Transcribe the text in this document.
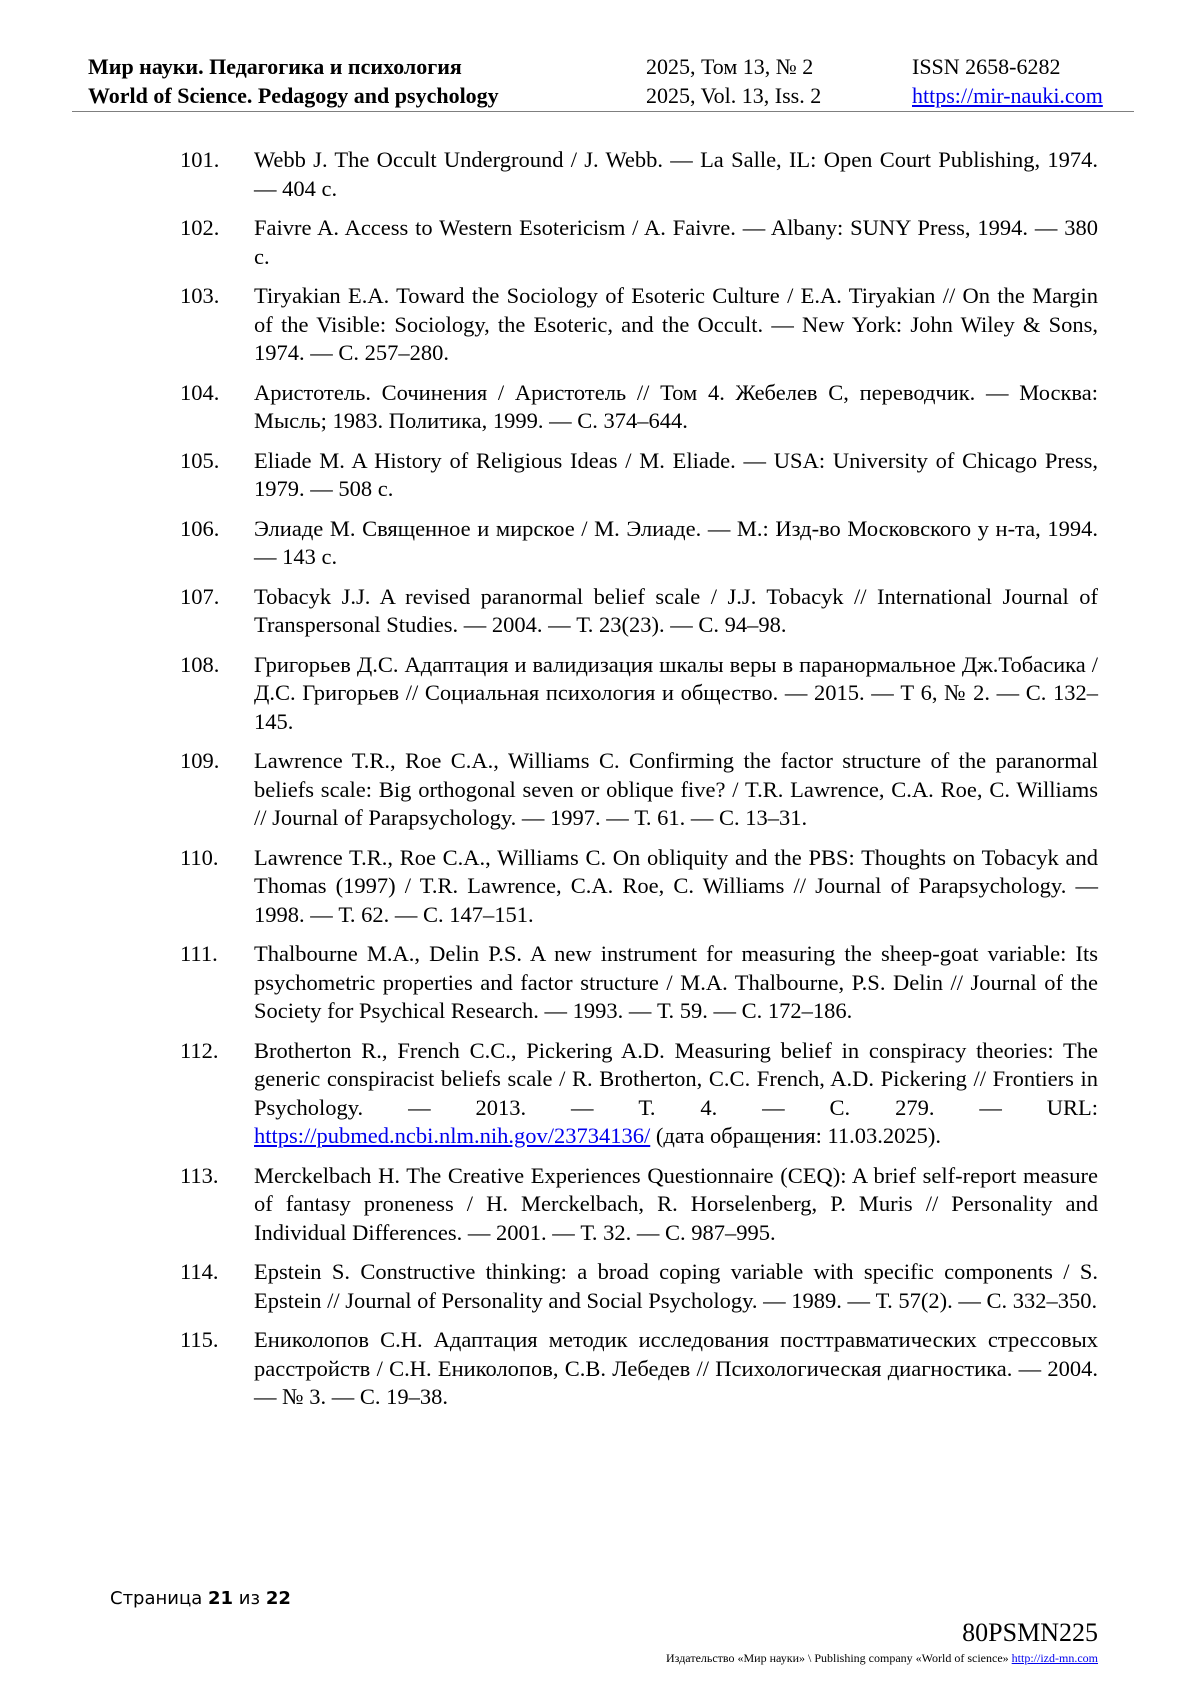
Мир науки. Педагогика и психология
World of Science. Pedagogy and psychology
2025, Том 13, № 2
2025, Vol. 13, Iss. 2
ISSN 2658-6282
https://mir-nauki.com
101.	Webb J. The Occult Underground / J. Webb. — La Salle, IL: Open Court Publishing, 1974. — 404 с.
102.	Faivre A. Access to Western Esotericism / A. Faivre. — Albany: SUNY Press, 1994. — 380 с.
103.	Tiryakian E.A. Toward the Sociology of Esoteric Culture / E.A. Tiryakian // On the Margin of the Visible: Sociology, the Esoteric, and the Occult. — New York: John Wiley & Sons, 1974. — С. 257–280.
104.	Аристотель. Сочинения / Аристотель // Том 4. Жебелев С, переводчик. — Москва: Мысль; 1983. Политика, 1999. — С. 374–644.
105.	Eliade M. A History of Religious Ideas / M. Eliade. — USA: University of Chicago Press, 1979. — 508 с.
106.	Элиаде М. Священное и мирское / М. Элиаде. — М.: Изд-во Московского у н-та, 1994. — 143 с.
107.	Tobacyk J.J. A revised paranormal belief scale / J.J. Tobacyk // International Journal of Transpersonal Studies. — 2004. — Т. 23(23). — С. 94–98.
108.	Григорьев Д.С. Адаптация и валидизация шкалы веры в паранормальное Дж.Тобасика / Д.С. Григорьев // Социальная психология и общество. — 2015. — Т 6, № 2. — С. 132–145.
109.	Lawrence T.R., Roe C.A., Williams C. Confirming the factor structure of the paranormal beliefs scale: Big orthogonal seven or oblique five? / T.R. Lawrence, C.A. Roe, C. Williams // Journal of Parapsychology. — 1997. — Т. 61. — С. 13–31.
110.	Lawrence T.R., Roe C.A., Williams C. On obliquity and the PBS: Thoughts on Tobacyk and Thomas (1997) / T.R. Lawrence, C.A. Roe, C. Williams // Journal of Parapsychology. — 1998. — Т. 62. — С. 147–151.
111.	Thalbourne M.A., Delin P.S. A new instrument for measuring the sheep-goat variable: Its psychometric properties and factor structure / M.A. Thalbourne, P.S. Delin // Journal of the Society for Psychical Research. — 1993. — Т. 59. — С. 172–186.
112.	Brotherton R., French C.C., Pickering A.D. Measuring belief in conspiracy theories: The generic conspiracist beliefs scale / R. Brotherton, C.C. French, A.D. Pickering // Frontiers in Psychology. — 2013. — Т. 4. — С. 279. — URL: https://pubmed.ncbi.nlm.nih.gov/23734136/ (дата обращения: 11.03.2025).
113.	Merckelbach H. The Creative Experiences Questionnaire (CEQ): A brief self-report measure of fantasy proneness / H. Merckelbach, R. Horselenberg, P. Muris // Personality and Individual Differences. — 2001. — Т. 32. — С. 987–995.
114.	Epstein S. Constructive thinking: a broad coping variable with specific components / S. Epstein // Journal of Personality and Social Psychology. — 1989. — Т. 57(2). — С. 332–350.
115.	Ениколопов С.Н. Адаптация методик исследования посттравматических стрессовых расстройств / С.Н. Ениколопов, С.В. Лебедев // Психологическая диагностика. — 2004. — № 3. — С. 19–38.
Страница 21 из 22
80PSMN225
Издательство «Мир науки» \ Publishing company «World of science» http://izd-mn.com
